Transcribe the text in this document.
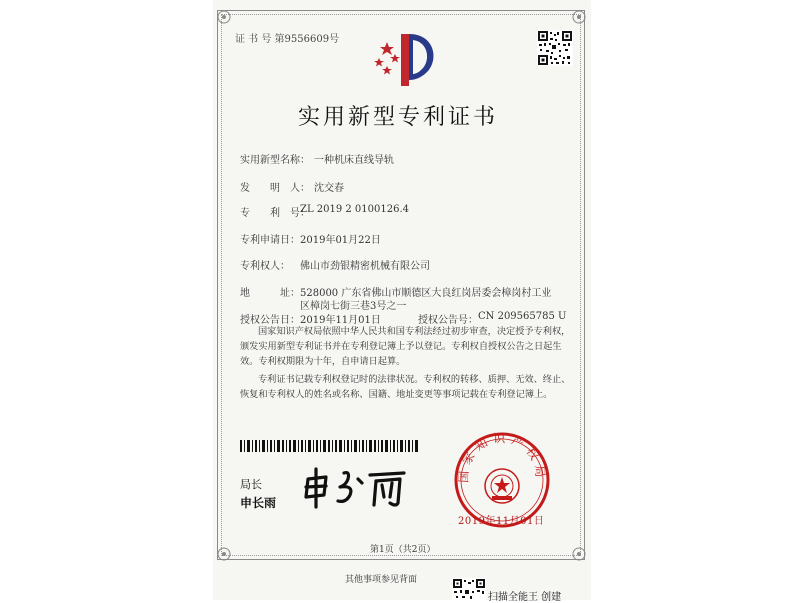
证 书 号 第9556609号
实用新型专利证书
实用新型名称： 一种机床直线导轨
发　　明　人： 沈交春
专　　利　号：
ZL 2019 2 0100126.4
专利申请日： 2019年01月22日
专利权人： 佛山市劲银精密机械有限公司
地　　　址： 528000 广东省佛山市顺德区大良红岗居委会樟岗村工业
区樟岗七街三巷3号之一
授权公告日： 2019年11月01日	授权公告号： CN 209565785 U
国家知识产权局依照中华人民共和国专利法经过初步审查，决定授予专利权，颁发实用新型专利证书并在专利登记簿上予以登记。专利权自授权公告之日起生效。专利权期限为十年，自申请日起算。
专利证书记载专利权登记时的法律状况。专利权的转移、质押、无效、终止、恢复和专利权人的姓名或名称、国籍、地址变更等事项记载在专利登记簿上。
局长
申长雨
国家知识产权局
2019年11月01日
第1页（共2页）
其他事项参见背面
扫描全能王 创建
